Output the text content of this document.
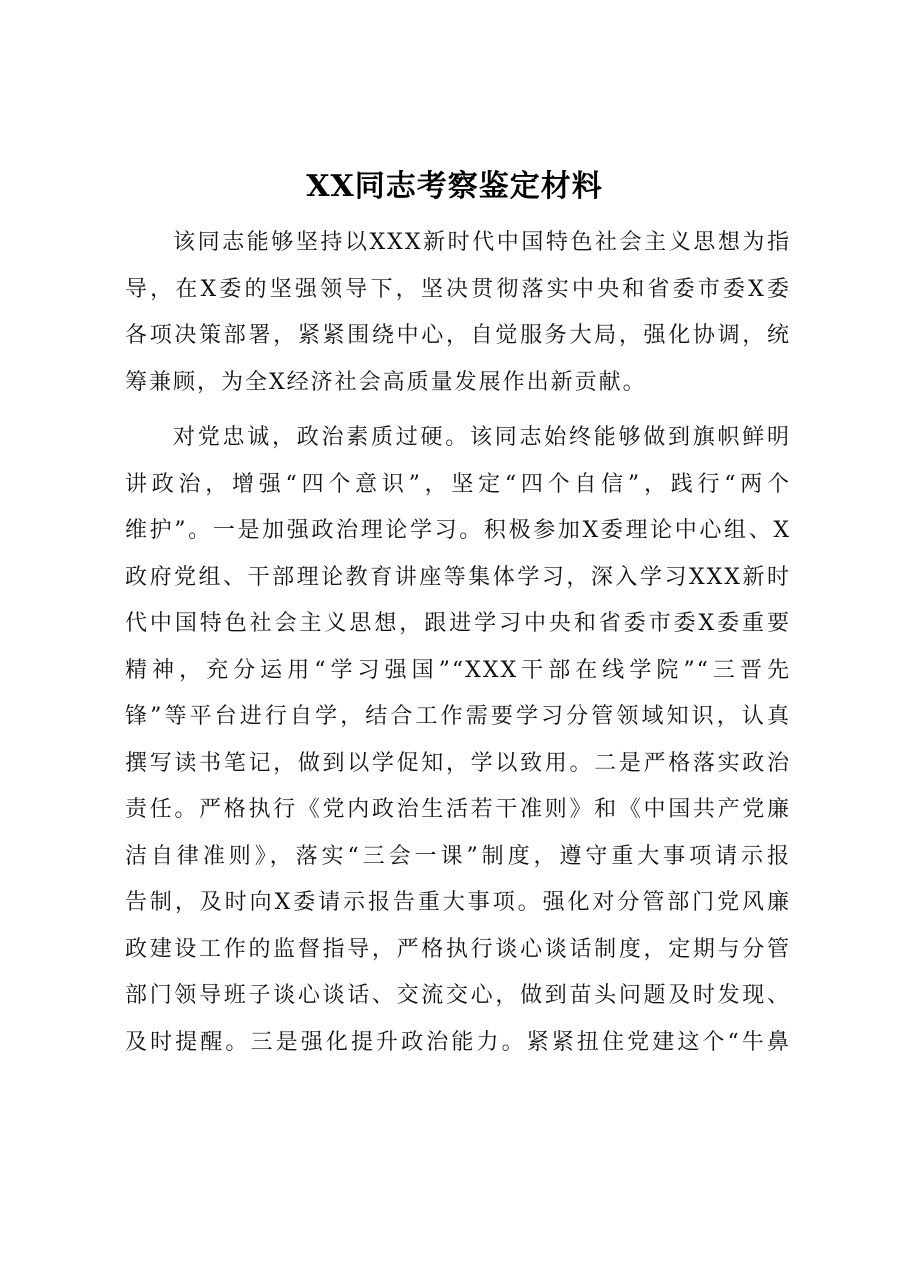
XX同志考察鉴定材料
该同志能够坚持以XXX新时代中国特色社会主义思想为指
导，在X委的坚强领导下，坚决贯彻落实中央和省委市委X委
各项决策部署，紧紧围绕中心，自觉服务大局，强化协调，统
筹兼顾，为全X经济社会高质量发展作出新贡献。
对党忠诚，政治素质过硬。该同志始终能够做到旗帜鲜明
讲政治，增强“四个意识”，坚定“四个自信”，践行“两个
维护”。一是加强政治理论学习。积极参加X委理论中心组、X
政府党组、干部理论教育讲座等集体学习，深入学习XXX新时
代中国特色社会主义思想，跟进学习中央和省委市委X委重要
精神，充分运用“学习强国”“XXX干部在线学院”“三晋先
锋”等平台进行自学，结合工作需要学习分管领域知识，认真
撰写读书笔记，做到以学促知，学以致用。二是严格落实政治
责任。严格执行《党内政治生活若干准则》和《中国共产党廉
洁自律准则》，落实“三会一课”制度，遵守重大事项请示报
告制，及时向X委请示报告重大事项。强化对分管部门党风廉
政建设工作的监督指导，严格执行谈心谈话制度，定期与分管
部门领导班子谈心谈话、交流交心，做到苗头问题及时发现、
及时提醒。三是强化提升政治能力。紧紧扭住党建这个“牛鼻
